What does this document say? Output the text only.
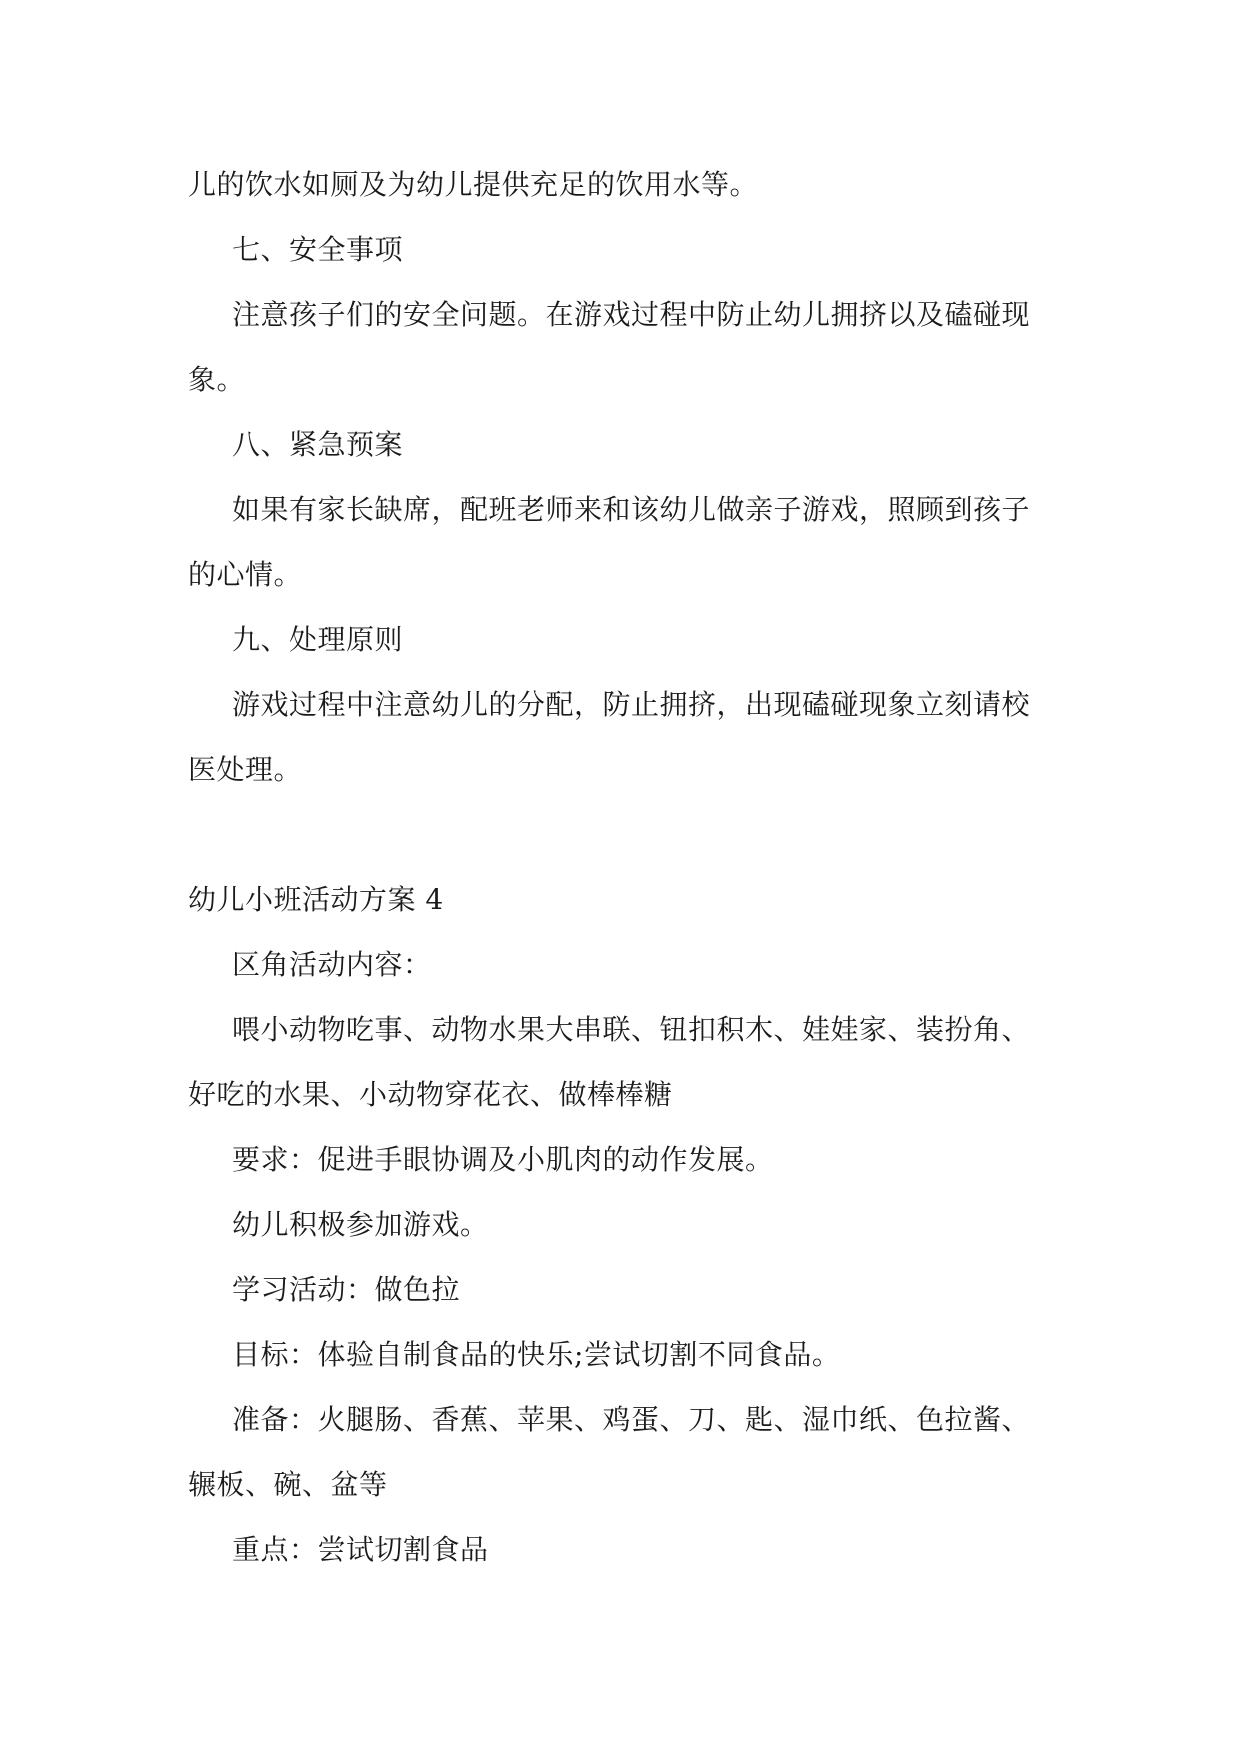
儿的饮水如厕及为幼儿提供充足的饮用水等。
七、安全事项
注意孩子们的安全问题。在游戏过程中防止幼儿拥挤以及磕碰现
象。
八、紧急预案
如果有家长缺席，配班老师来和该幼儿做亲子游戏，照顾到孩子
的心情。
九、处理原则
游戏过程中注意幼儿的分配，防止拥挤，出现磕碰现象立刻请校
医处理。
幼儿小班活动方案 4
区角活动内容：
喂小动物吃事、动物水果大串联、钮扣积木、娃娃家、装扮角、
好吃的水果、小动物穿花衣、做棒棒糖
要求：促进手眼协调及小肌肉的动作发展。
幼儿积极参加游戏。
学习活动：做色拉
目标：体验自制食品的快乐;尝试切割不同食品。
准备：火腿肠、香蕉、苹果、鸡蛋、刀、匙、湿巾纸、色拉酱、
辗板、碗、盆等
重点：尝试切割食品
